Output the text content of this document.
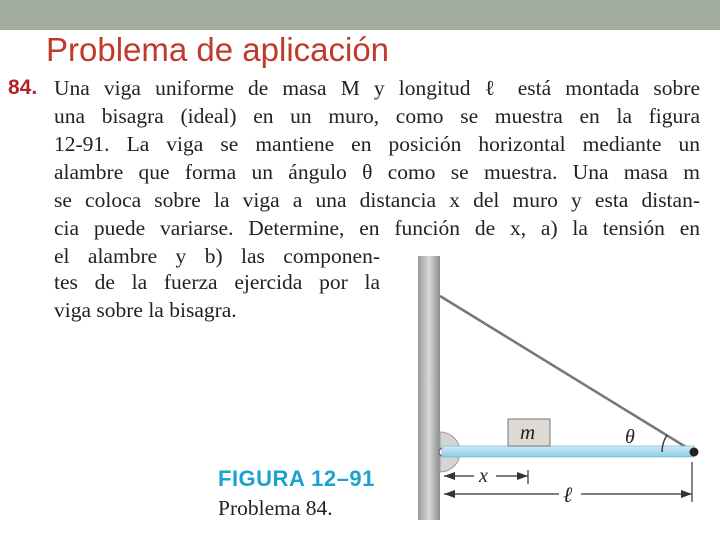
Problema de aplicación
84. Una viga uniforme de masa M y longitud ℓ está montada sobre
una bisagra (ideal) en un muro, como se muestra en la figura
12-91. La viga se mantiene en posición horizontal mediante un
alambre que forma un ángulo θ como se muestra. Una masa m
se coloca sobre la viga a una distancia x del muro y esta distan-
cia puede variarse. Determine, en función de x, a) la tensión en
el alambre y b) las componen-
tes de la fuerza ejercida por la
viga sobre la bisagra.
m	θ
x
ℓ
FIGURA 12–91
Problema 84.
